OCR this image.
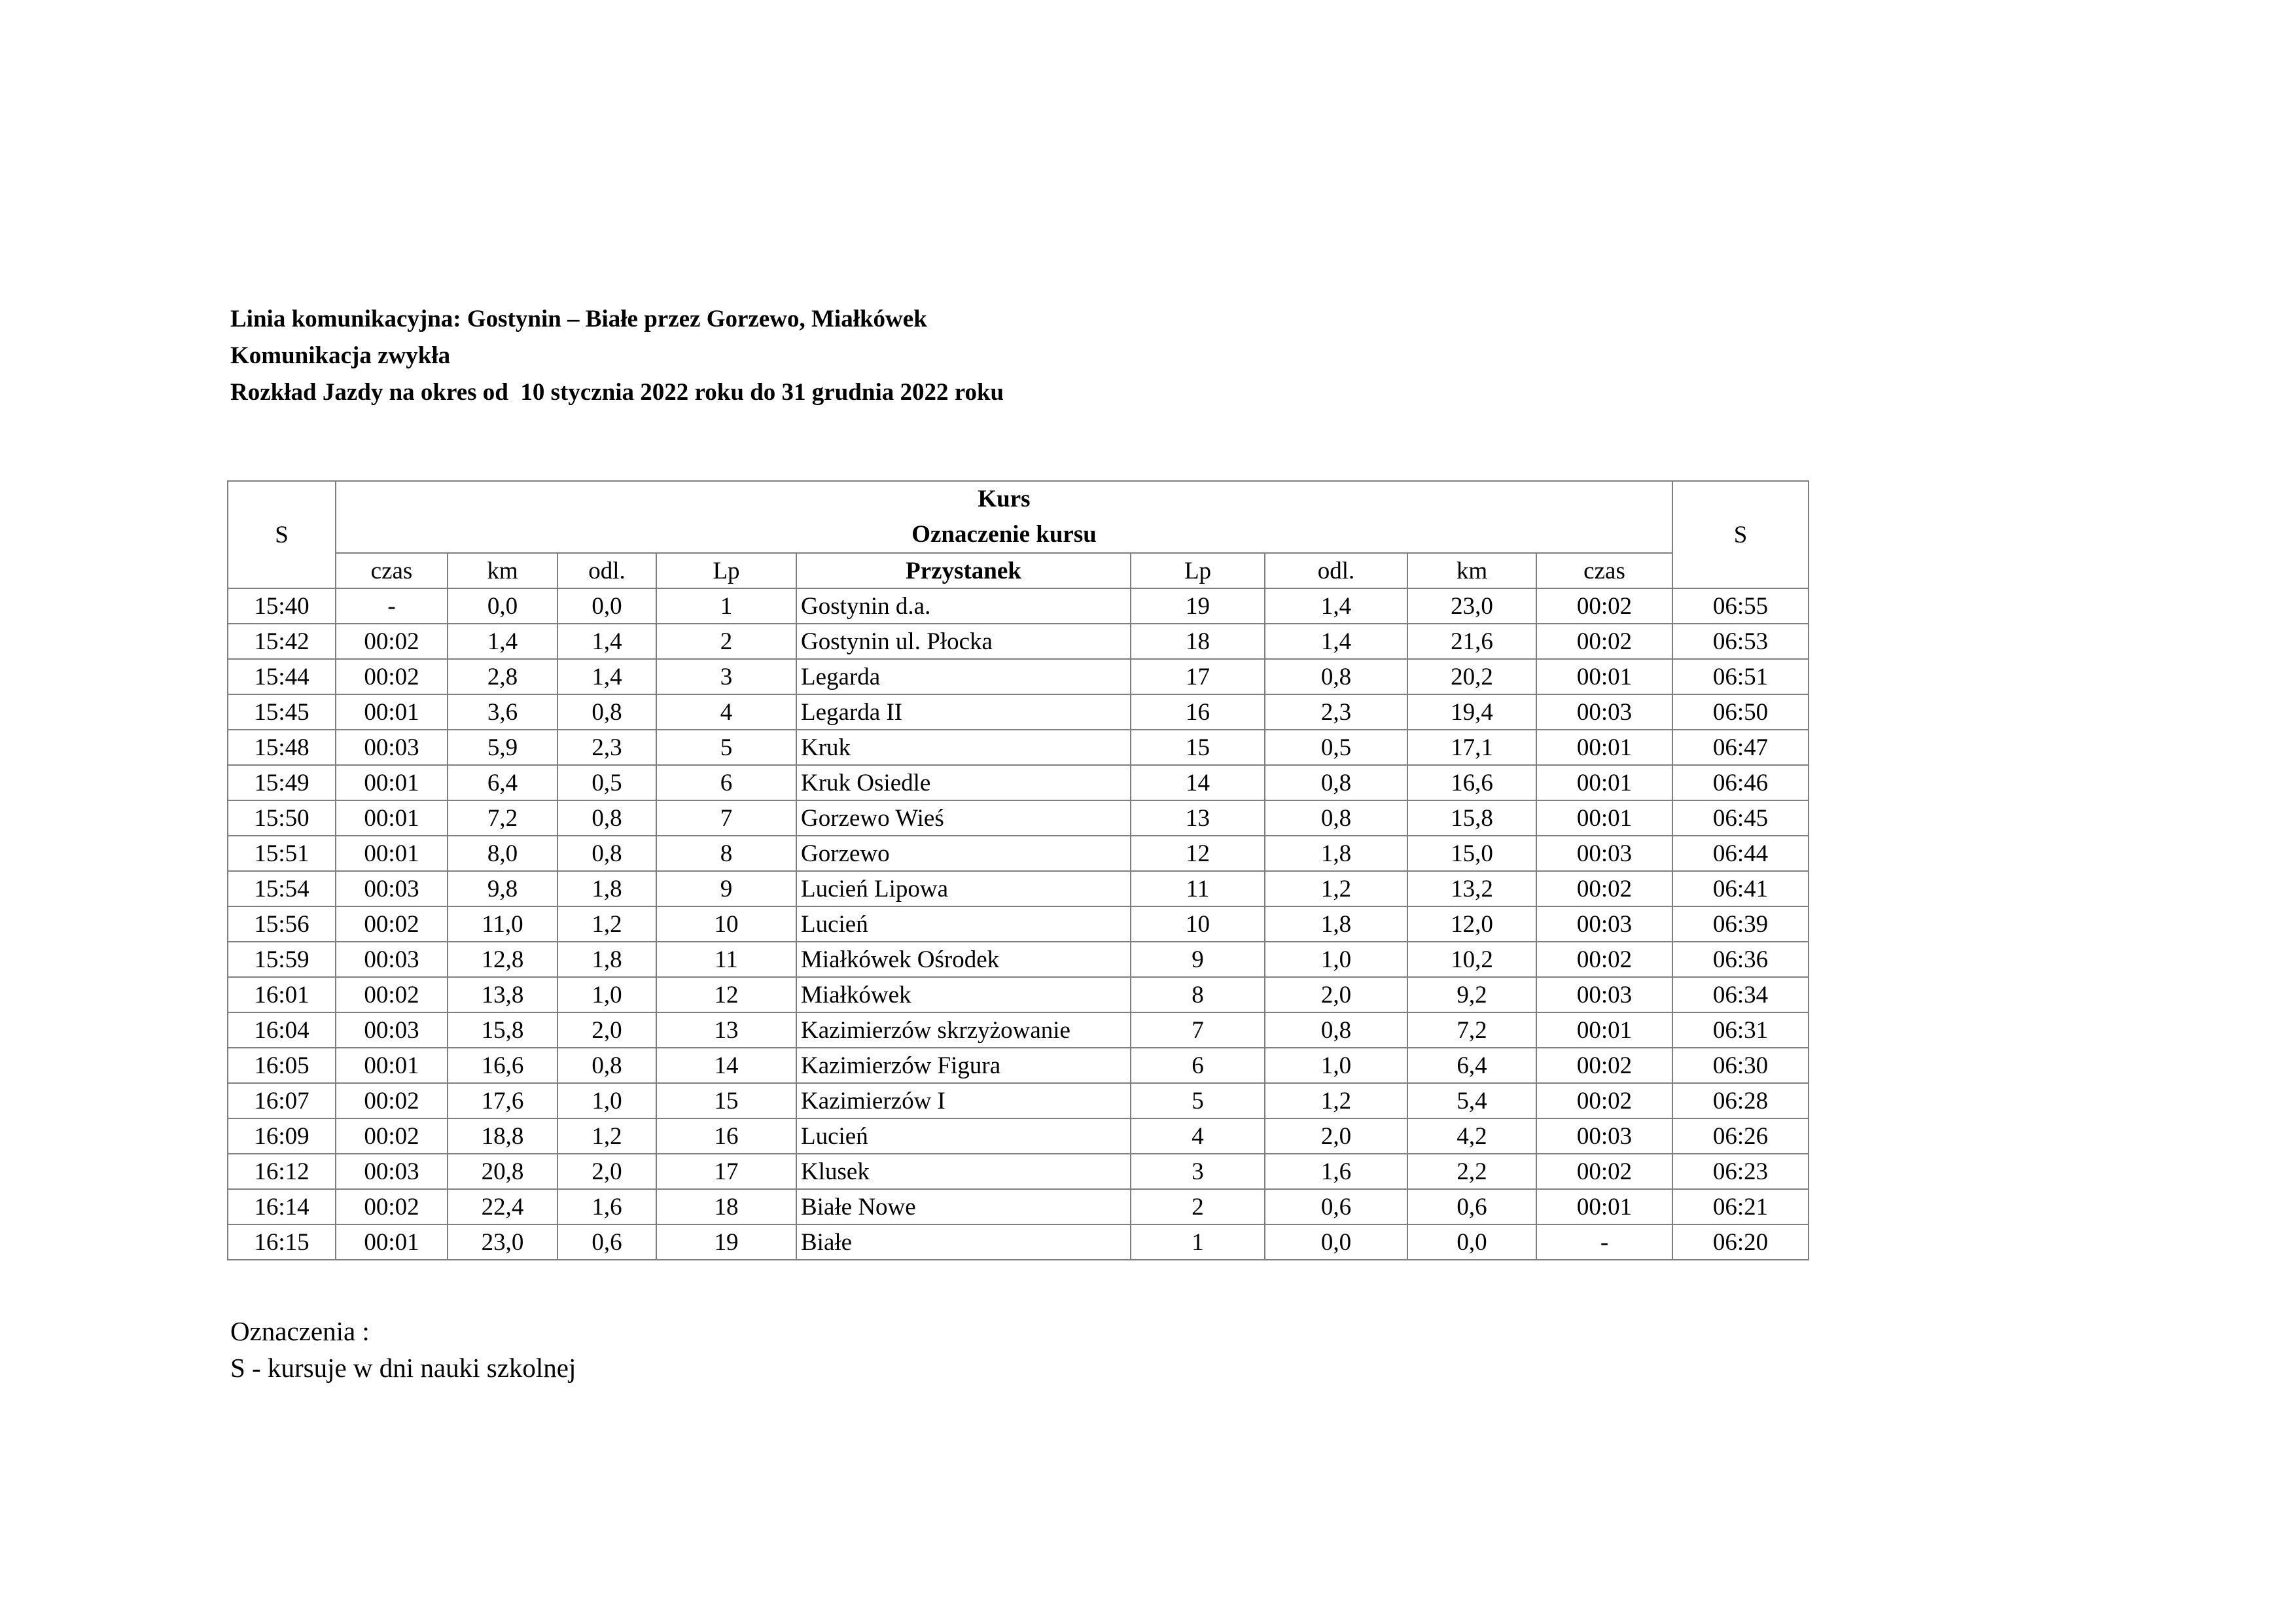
Linia komunikacyjna: Gostynin – Białe przez Gorzewo, Miałkówek
Komunikacja zwykła
Rozkład Jazdy na okres od  10 stycznia 2022 roku do 31 grudnia 2022 roku
S	Kurs
Oznaczenie kursu									S
	czas	km	odl.	Lp	Przystanek	Lp	odl.	km	czas	
15:40	-	0,0	0,0	1	Gostynin d.a.	19	1,4	23,0	00:02	06:55
15:42	00:02	1,4	1,4	2	Gostynin ul. Płocka	18	1,4	21,6	00:02	06:53
15:44	00:02	2,8	1,4	3	Legarda	17	0,8	20,2	00:01	06:51
15:45	00:01	3,6	0,8	4	Legarda II	16	2,3	19,4	00:03	06:50
15:48	00:03	5,9	2,3	5	Kruk	15	0,5	17,1	00:01	06:47
15:49	00:01	6,4	0,5	6	Kruk Osiedle	14	0,8	16,6	00:01	06:46
15:50	00:01	7,2	0,8	7	Gorzewo Wieś	13	0,8	15,8	00:01	06:45
15:51	00:01	8,0	0,8	8	Gorzewo	12	1,8	15,0	00:03	06:44
15:54	00:03	9,8	1,8	9	Lucień Lipowa	11	1,2	13,2	00:02	06:41
15:56	00:02	11,0	1,2	10	Lucień	10	1,8	12,0	00:03	06:39
15:59	00:03	12,8	1,8	11	Miałkówek Ośrodek	9	1,0	10,2	00:02	06:36
16:01	00:02	13,8	1,0	12	Miałkówek	8	2,0	9,2	00:03	06:34
16:04	00:03	15,8	2,0	13	Kazimierzów skrzyżowanie	7	0,8	7,2	00:01	06:31
16:05	00:01	16,6	0,8	14	Kazimierzów Figura	6	1,0	6,4	00:02	06:30
16:07	00:02	17,6	1,0	15	Kazimierzów I	5	1,2	5,4	00:02	06:28
16:09	00:02	18,8	1,2	16	Lucień	4	2,0	4,2	00:03	06:26
16:12	00:03	20,8	2,0	17	Klusek	3	1,6	2,2	00:02	06:23
16:14	00:02	22,4	1,6	18	Białe Nowe	2	0,6	0,6	00:01	06:21
16:15	00:01	23,0	0,6	19	Białe	1	0,0	0,0	-	06:20
Oznaczenia :
S - kursuje w dni nauki szkolnej
